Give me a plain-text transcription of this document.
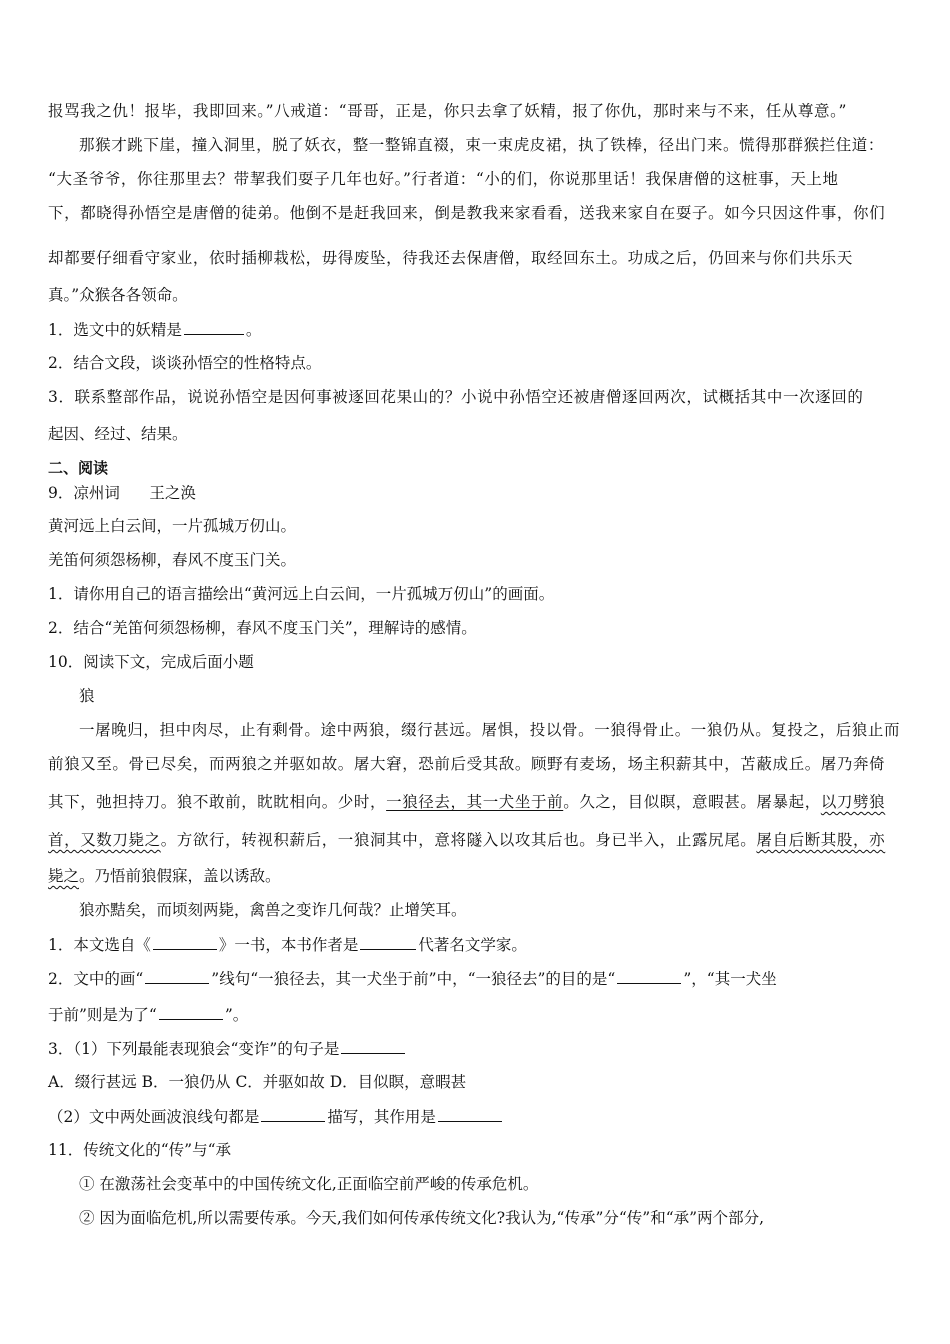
报骂我之仇！报毕，我即回来。”八戒道：“哥哥，正是，你只去拿了妖精，报了你仇，那时来与不来，任从尊意。”
那猴才跳下崖，撞入洞里，脱了妖衣，整一整锦直裰，束一束虎皮裙，执了铁棒，径出门来。慌得那群猴拦住道：
“大圣爷爷，你往那里去？带挈我们耍子几年也好。”行者道：“小的们，你说那里话！我保唐僧的这桩事，天上地
下，都晓得孙悟空是唐僧的徒弟。他倒不是赶我回来，倒是教我来家看看，送我来家自在耍子。如今只因这件事，你们
却都要仔细看守家业，依时插柳栽松，毋得废坠，待我还去保唐僧，取经回东土。功成之后，仍回来与你们共乐天
真。”众猴各各领命。
1．选文中的妖精是	。
2．结合文段，谈谈孙悟空的性格特点。
3．联系整部作品，说说孙悟空是因何事被逐回花果山的？小说中孙悟空还被唐僧逐回两次，试概括其中一次逐回的
起因、经过、结果。
二、阅读
9．凉州词      王之涣
黄河远上白云间，一片孤城万仞山。
羌笛何须怨杨柳，春风不度玉门关。
1．请你用自己的语言描绘出“黄河远上白云间，一片孤城万仞山”的画面。
2．结合“羌笛何须怨杨柳，春风不度玉门关”，理解诗的感情。
10．阅读下文，完成后面小题
狼
一屠晚归，担中肉尽，止有剩骨。途中两狼，缀行甚远。屠惧，投以骨。一狼得骨止。一狼仍从。复投之，后狼止而
前狼又至。骨已尽矣，而两狼之并驱如故。屠大窘，恐前后受其敌。顾野有麦场，场主积薪其中，苫蔽成丘。屠乃奔倚
其下，弛担持刀。狼不敢前，眈眈相向。少时，一狼径去，其一犬坐于前。久之，目似瞑，意暇甚。屠暴起，以刀劈狼
首，又数刀毙之。方欲行，转视积薪后，一狼洞其中，意将隧入以攻其后也。身已半入，止露尻尾。屠自后断其股，亦
毙之。乃悟前狼假寐，盖以诱敌。
狼亦黠矣，而顷刻两毙，禽兽之变诈几何哉？止增笑耳。
1．本文选自《	》一书，本书作者是	代著名文学家。
2．文中的画“	”线句“一狼径去，其一犬坐于前”中，“一狼径去”的目的是“	”，“其一犬坐
于前”则是为了“	”。
3．（1）下列最能表现狼会“变诈”的句子是
A．缀行甚远 B．一狼仍从 C．并驱如故 D．目似瞑，意暇甚
（2）文中两处画波浪线句都是	描写，其作用是
11．传统文化的“传”与“承
① 在激荡社会变革中的中国传统文化,正面临空前严峻的传承危机。
② 因为面临危机,所以需要传承。今天,我们如何传承传统文化?我认为,“传承”分“传”和“承”两个部分,
